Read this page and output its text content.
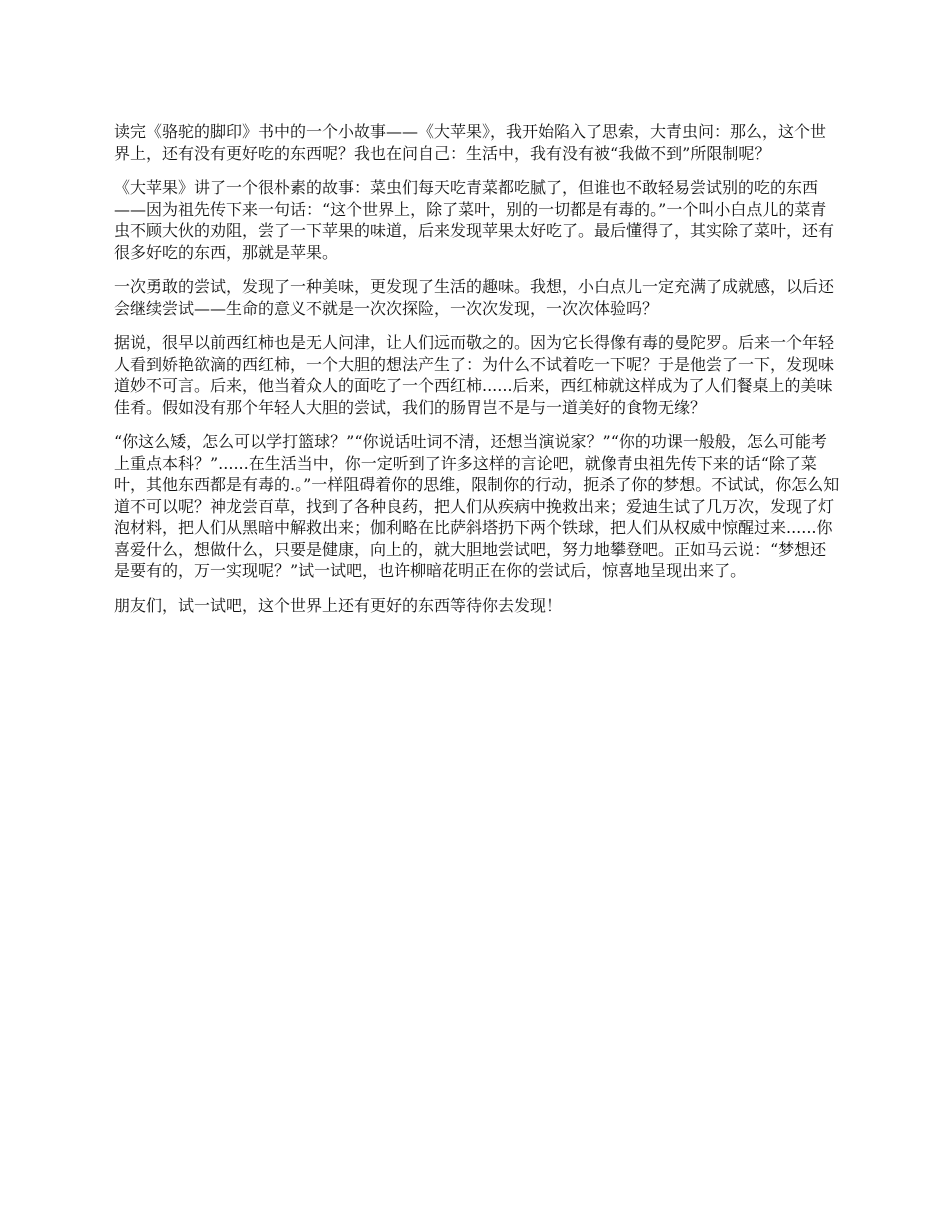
读完《骆驼的脚印》书中的一个小故事——《大苹果》，我开始陷入了思索，大青虫问：那么，这个世界上，还有没有更好吃的东西呢？我也在问自己：生活中，我有没有被“我做不到”所限制呢？

《大苹果》讲了一个很朴素的故事：菜虫们每天吃青菜都吃腻了，但谁也不敢轻易尝试别的吃的东西——因为祖先传下来一句话：“这个世界上，除了菜叶，别的一切都是有毒的。”一个叫小白点儿的菜青虫不顾大伙的劝阻，尝了一下苹果的味道，后来发现苹果太好吃了。最后懂得了，其实除了菜叶，还有很多好吃的东西，那就是苹果。

一次勇敢的尝试，发现了一种美味，更发现了生活的趣味。我想，小白点儿一定充满了成就感，以后还会继续尝试——生命的意义不就是一次次探险，一次次发现，一次次体验吗？

据说，很早以前西红柿也是无人问津，让人们远而敬之的。因为它长得像有毒的曼陀罗。后来一个年轻人看到娇艳欲滴的西红柿，一个大胆的想法产生了：为什么不试着吃一下呢？于是他尝了一下，发现味道妙不可言。后来，他当着众人的面吃了一个西红柿......后来，西红柿就这样成为了人们餐桌上的美味佳肴。假如没有那个年轻人大胆的尝试，我们的肠胃岂不是与一道美好的食物无缘？

“你这么矮，怎么可以学打篮球？”“你说话吐词不清，还想当演说家？”“你的功课一般般，怎么可能考上重点本科？”......在生活当中，你一定听到了许多这样的言论吧，就像青虫祖先传下来的话“除了菜叶，其他东西都是有毒的.。”一样阻碍着你的思维，限制你的行动，扼杀了你的梦想。不试试，你怎么知道不可以呢？神龙尝百草，找到了各种良药，把人们从疾病中挽救出来；爱迪生试了几万次，发现了灯泡材料，把人们从黑暗中解救出来；伽利略在比萨斜塔扔下两个铁球，把人们从权威中惊醒过来......你喜爱什么，想做什么，只要是健康，向上的，就大胆地尝试吧，努力地攀登吧。正如马云说：“梦想还是要有的，万一实现呢？”试一试吧，也许柳暗花明正在你的尝试后，惊喜地呈现出来了。

朋友们，试一试吧，这个世界上还有更好的东西等待你去发现！
